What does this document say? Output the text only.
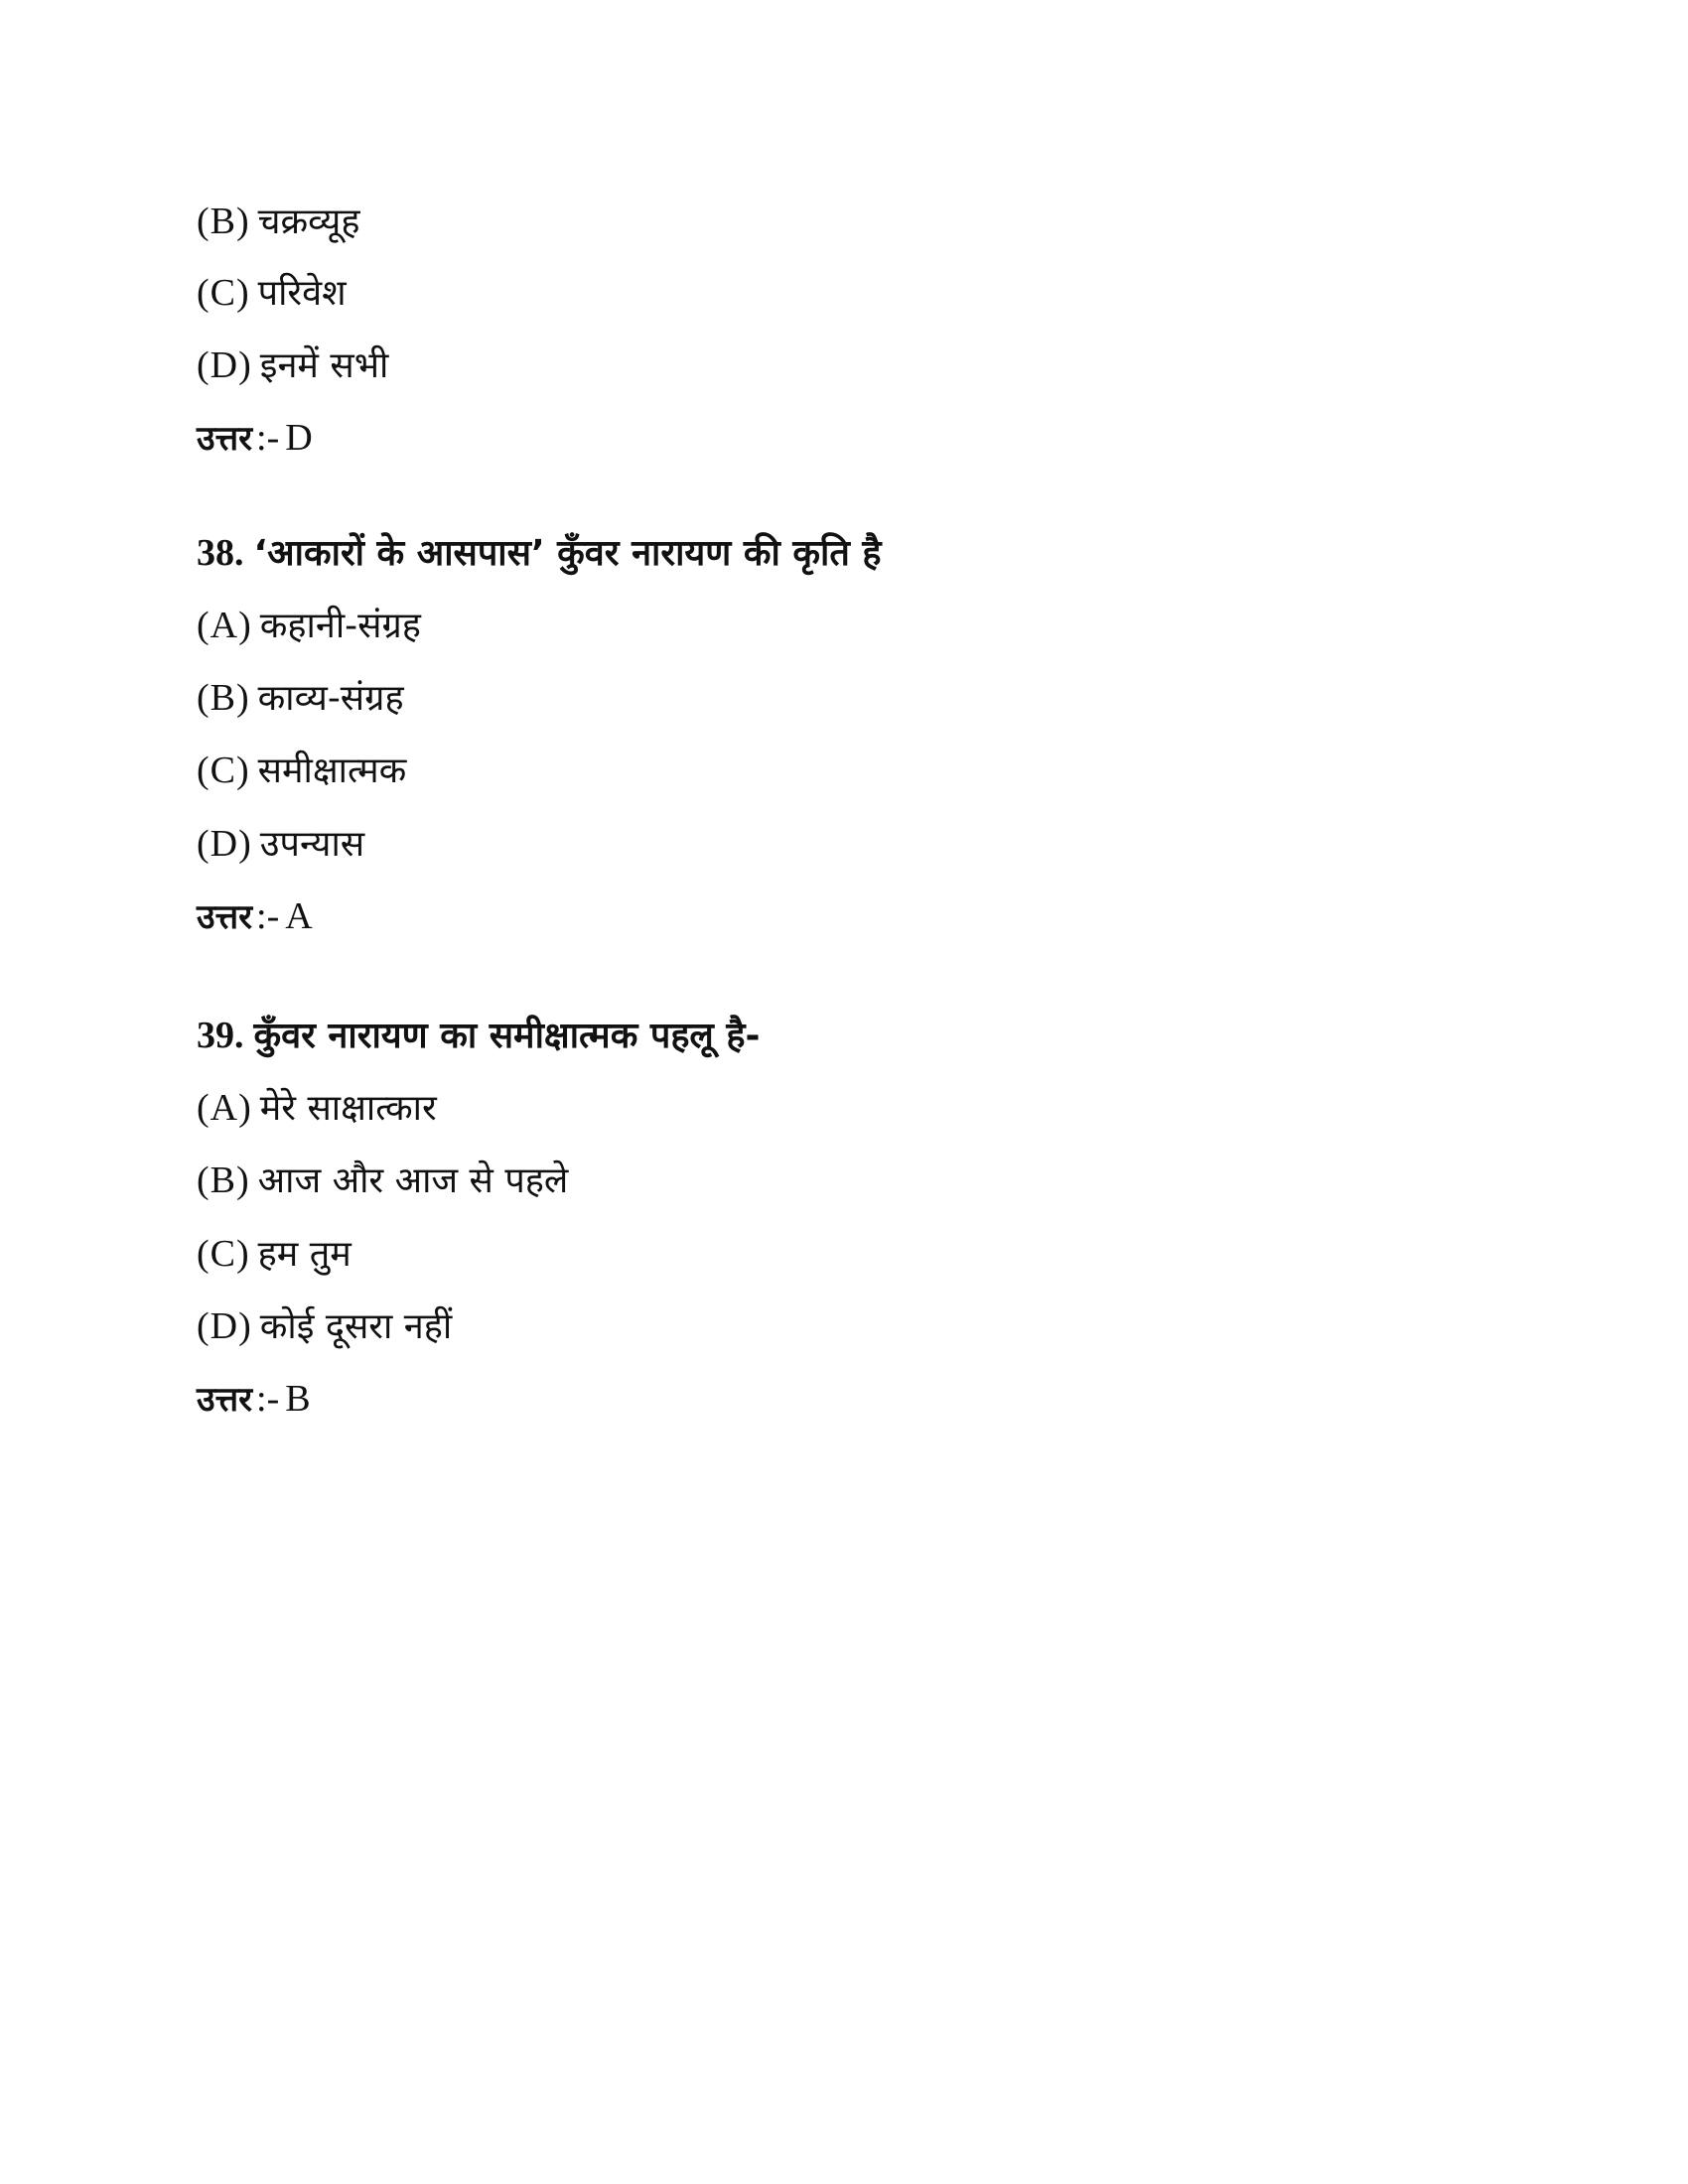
(B) चक्रव्यूह
(C) परिवेश
(D) इनमें सभी
उत्तर :- D
38. ‘आकारों के आसपास’ कुँवर नारायण की कृति है
(A) कहानी-संग्रह
(B) काव्य-संग्रह
(C) समीक्षात्मक
(D) उपन्यास
उत्तर :- A
39. कुँवर नारायण का समीक्षात्मक पहलू है-
(A) मेरे साक्षात्कार
(B) आज और आज से पहले
(C) हम तुम
(D) कोई दूसरा नहीं
उत्तर :- B
